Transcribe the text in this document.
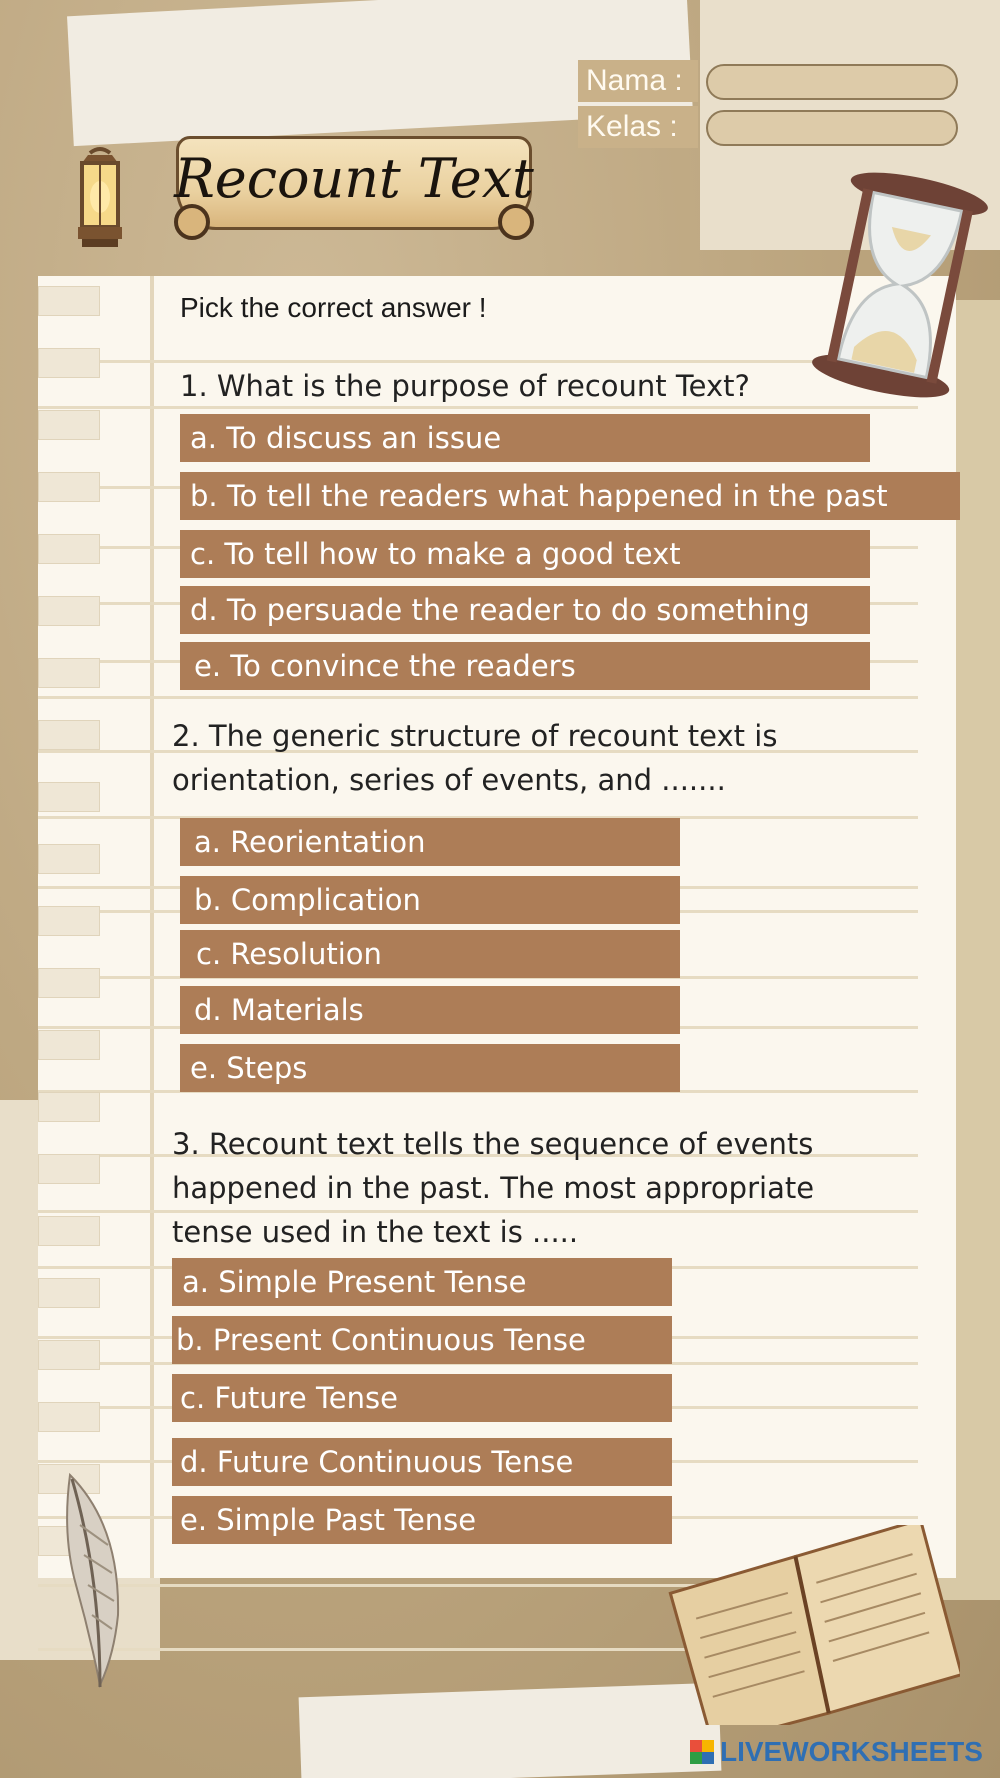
Nama :
Kelas :
Recount Text
Pick the correct answer !
1. What is the purpose of recount Text?
a. To discuss an issue
b. To tell the readers what happened in the past
c. To tell how to make a good text
d. To persuade the reader to do something
e. To convince the readers
2. The generic structure of recount text is
orientation, series of events, and .......
a. Reorientation
b. Complication
c. Resolution
d. Materials
e. Steps
3. Recount text tells the sequence of events
happened in the past. The most appropriate
tense used in the text is .....
a. Simple Present Tense
b. Present Continuous Tense
c. Future Tense
d. Future Continuous Tense
e. Simple Past Tense
LIVEWORKSHEETS
